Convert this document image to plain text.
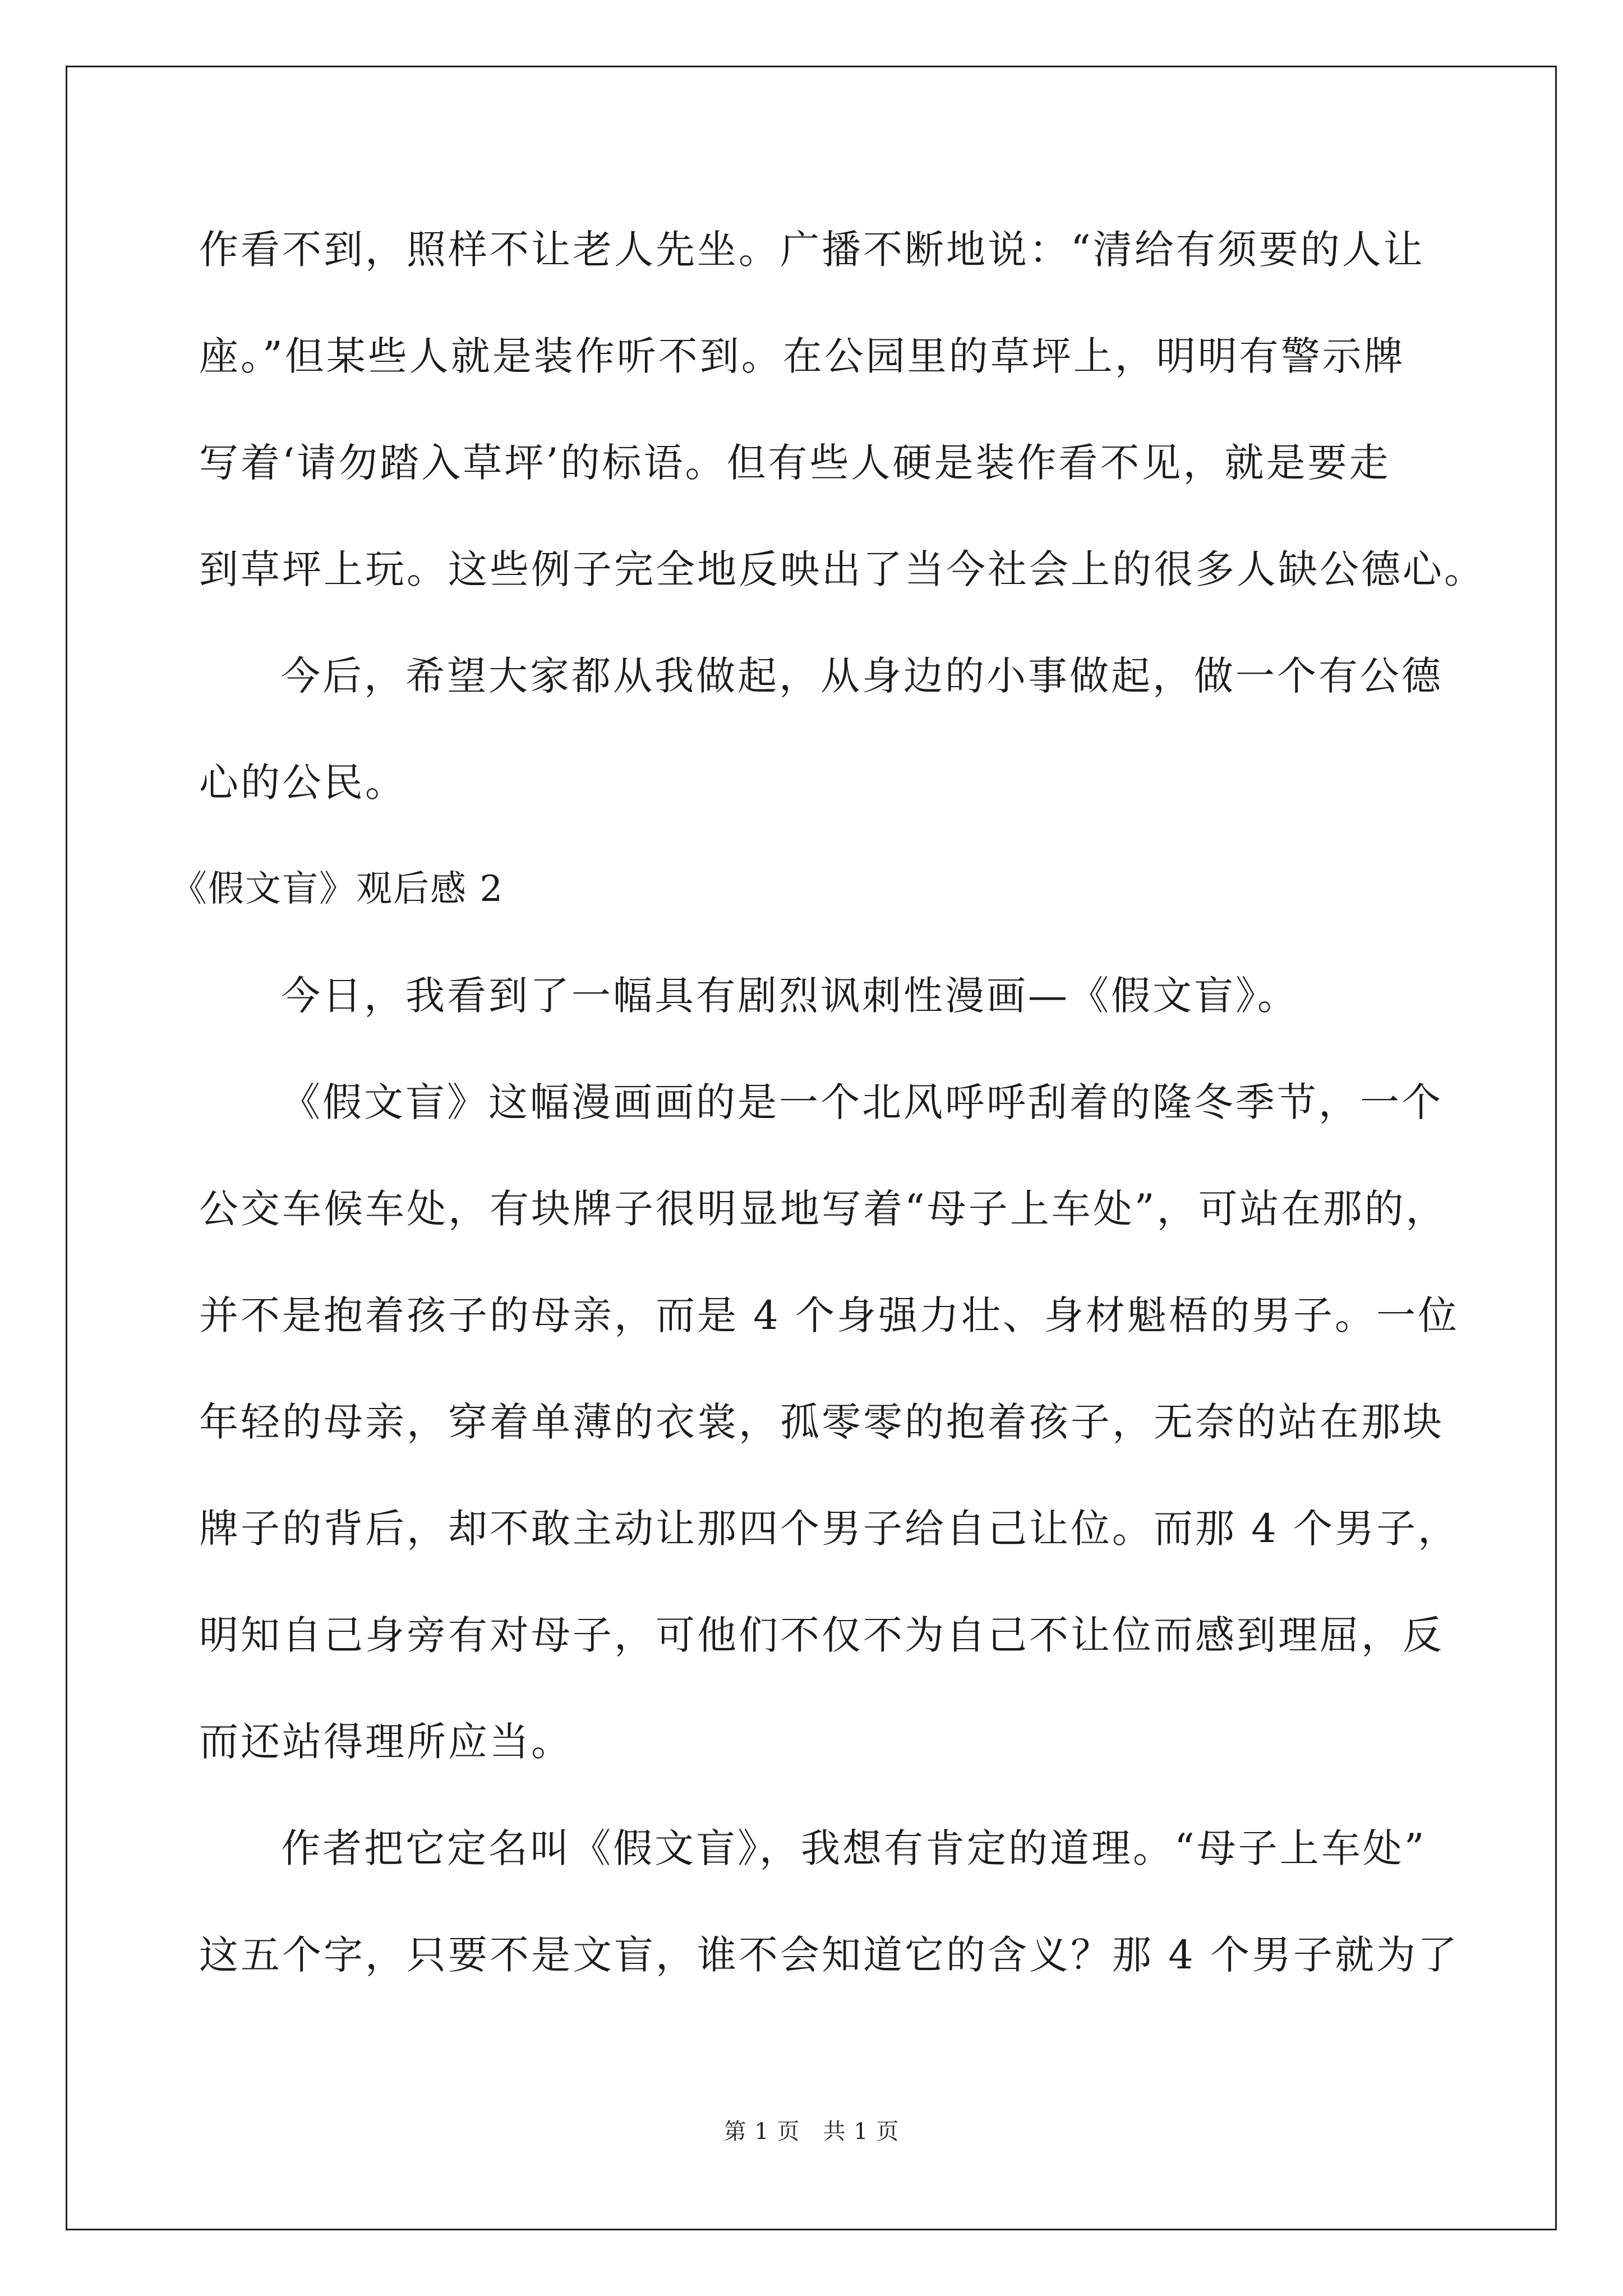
作看不到，照样不让老人先坐。广播不断地说：“清给有须要的人让
座。”但某些人就是装作听不到。在公园里的草坪上，明明有警示牌
写着‘请勿踏入草坪’的标语。但有些人硬是装作看不见，就是要走
到草坪上玩。这些例子完全地反映出了当今社会上的很多人缺公德心。
今后，希望大家都从我做起，从身边的小事做起，做一个有公德
心的公民。
《假文盲》观后感 2
今日，我看到了一幅具有剧烈讽刺性漫画—《假文盲》。
《假文盲》这幅漫画画的是一个北风呼呼刮着的隆冬季节，一个
公交车候车处，有块牌子很明显地写着“母子上车处”，可站在那的，
并不是抱着孩子的母亲，而是 4 个身强力壮、身材魁梧的男子。一位
年轻的母亲，穿着单薄的衣裳，孤零零的抱着孩子，无奈的站在那块
牌子的背后，却不敢主动让那四个男子给自己让位。而那 4 个男子，
明知自己身旁有对母子，可他们不仅不为自己不让位而感到理屈，反
而还站得理所应当。
作者把它定名叫《假文盲》，我想有肯定的道理。“母子上车处”
这五个字，只要不是文盲，谁不会知道它的含义？那 4 个男子就为了
第 1 页　共 1 页
